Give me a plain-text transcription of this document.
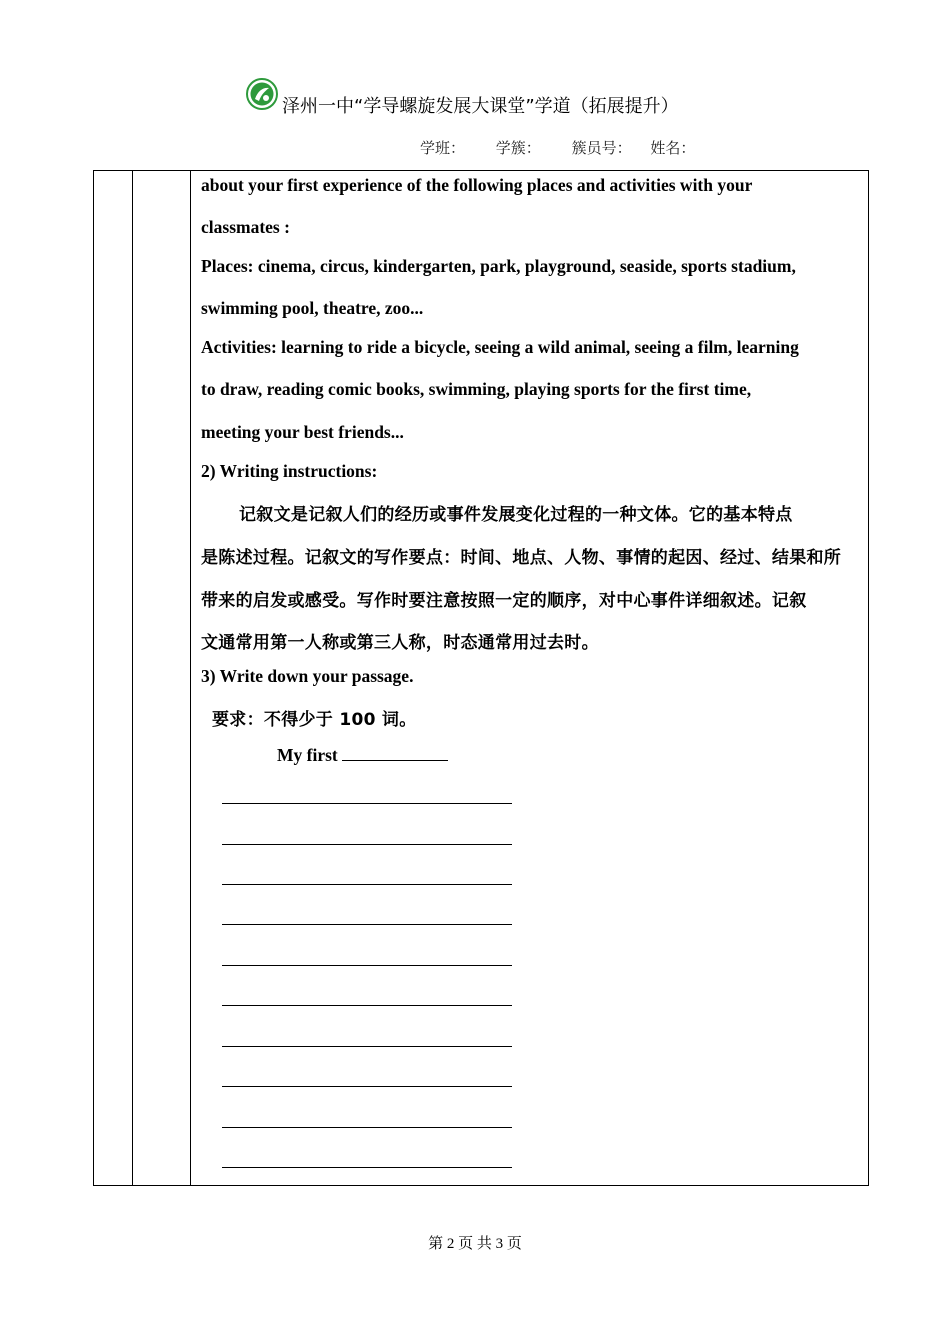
泽州一中“学导螺旋发展大课堂”学道（拓展提升）
学班： 学簇： 簇员号： 姓名：
about your first experience of the following places and activities with your
classmates :
Places: cinema, circus, kindergarten, park, playground, seaside, sports stadium,
swimming pool, theatre, zoo...
Activities: learning to ride a bicycle, seeing a wild animal, seeing a film, learning
to draw, reading comic books, swimming, playing sports for the first time,
meeting your best friends...
2) Writing instructions:
记叙文是记叙人们的经历或事件发展变化过程的一种文体。它的基本特点
是陈述过程。记叙文的写作要点：时间、地点、人物、事情的起因、经过、结果和所
带来的启发或感受。写作时要注意按照一定的顺序，对中心事件详细叙述。记叙
文通常用第一人称或第三人称，时态通常用过去时。
3) Write down your passage.
要求：不得少于 100 词。
My first
第 2 页 共 3 页
